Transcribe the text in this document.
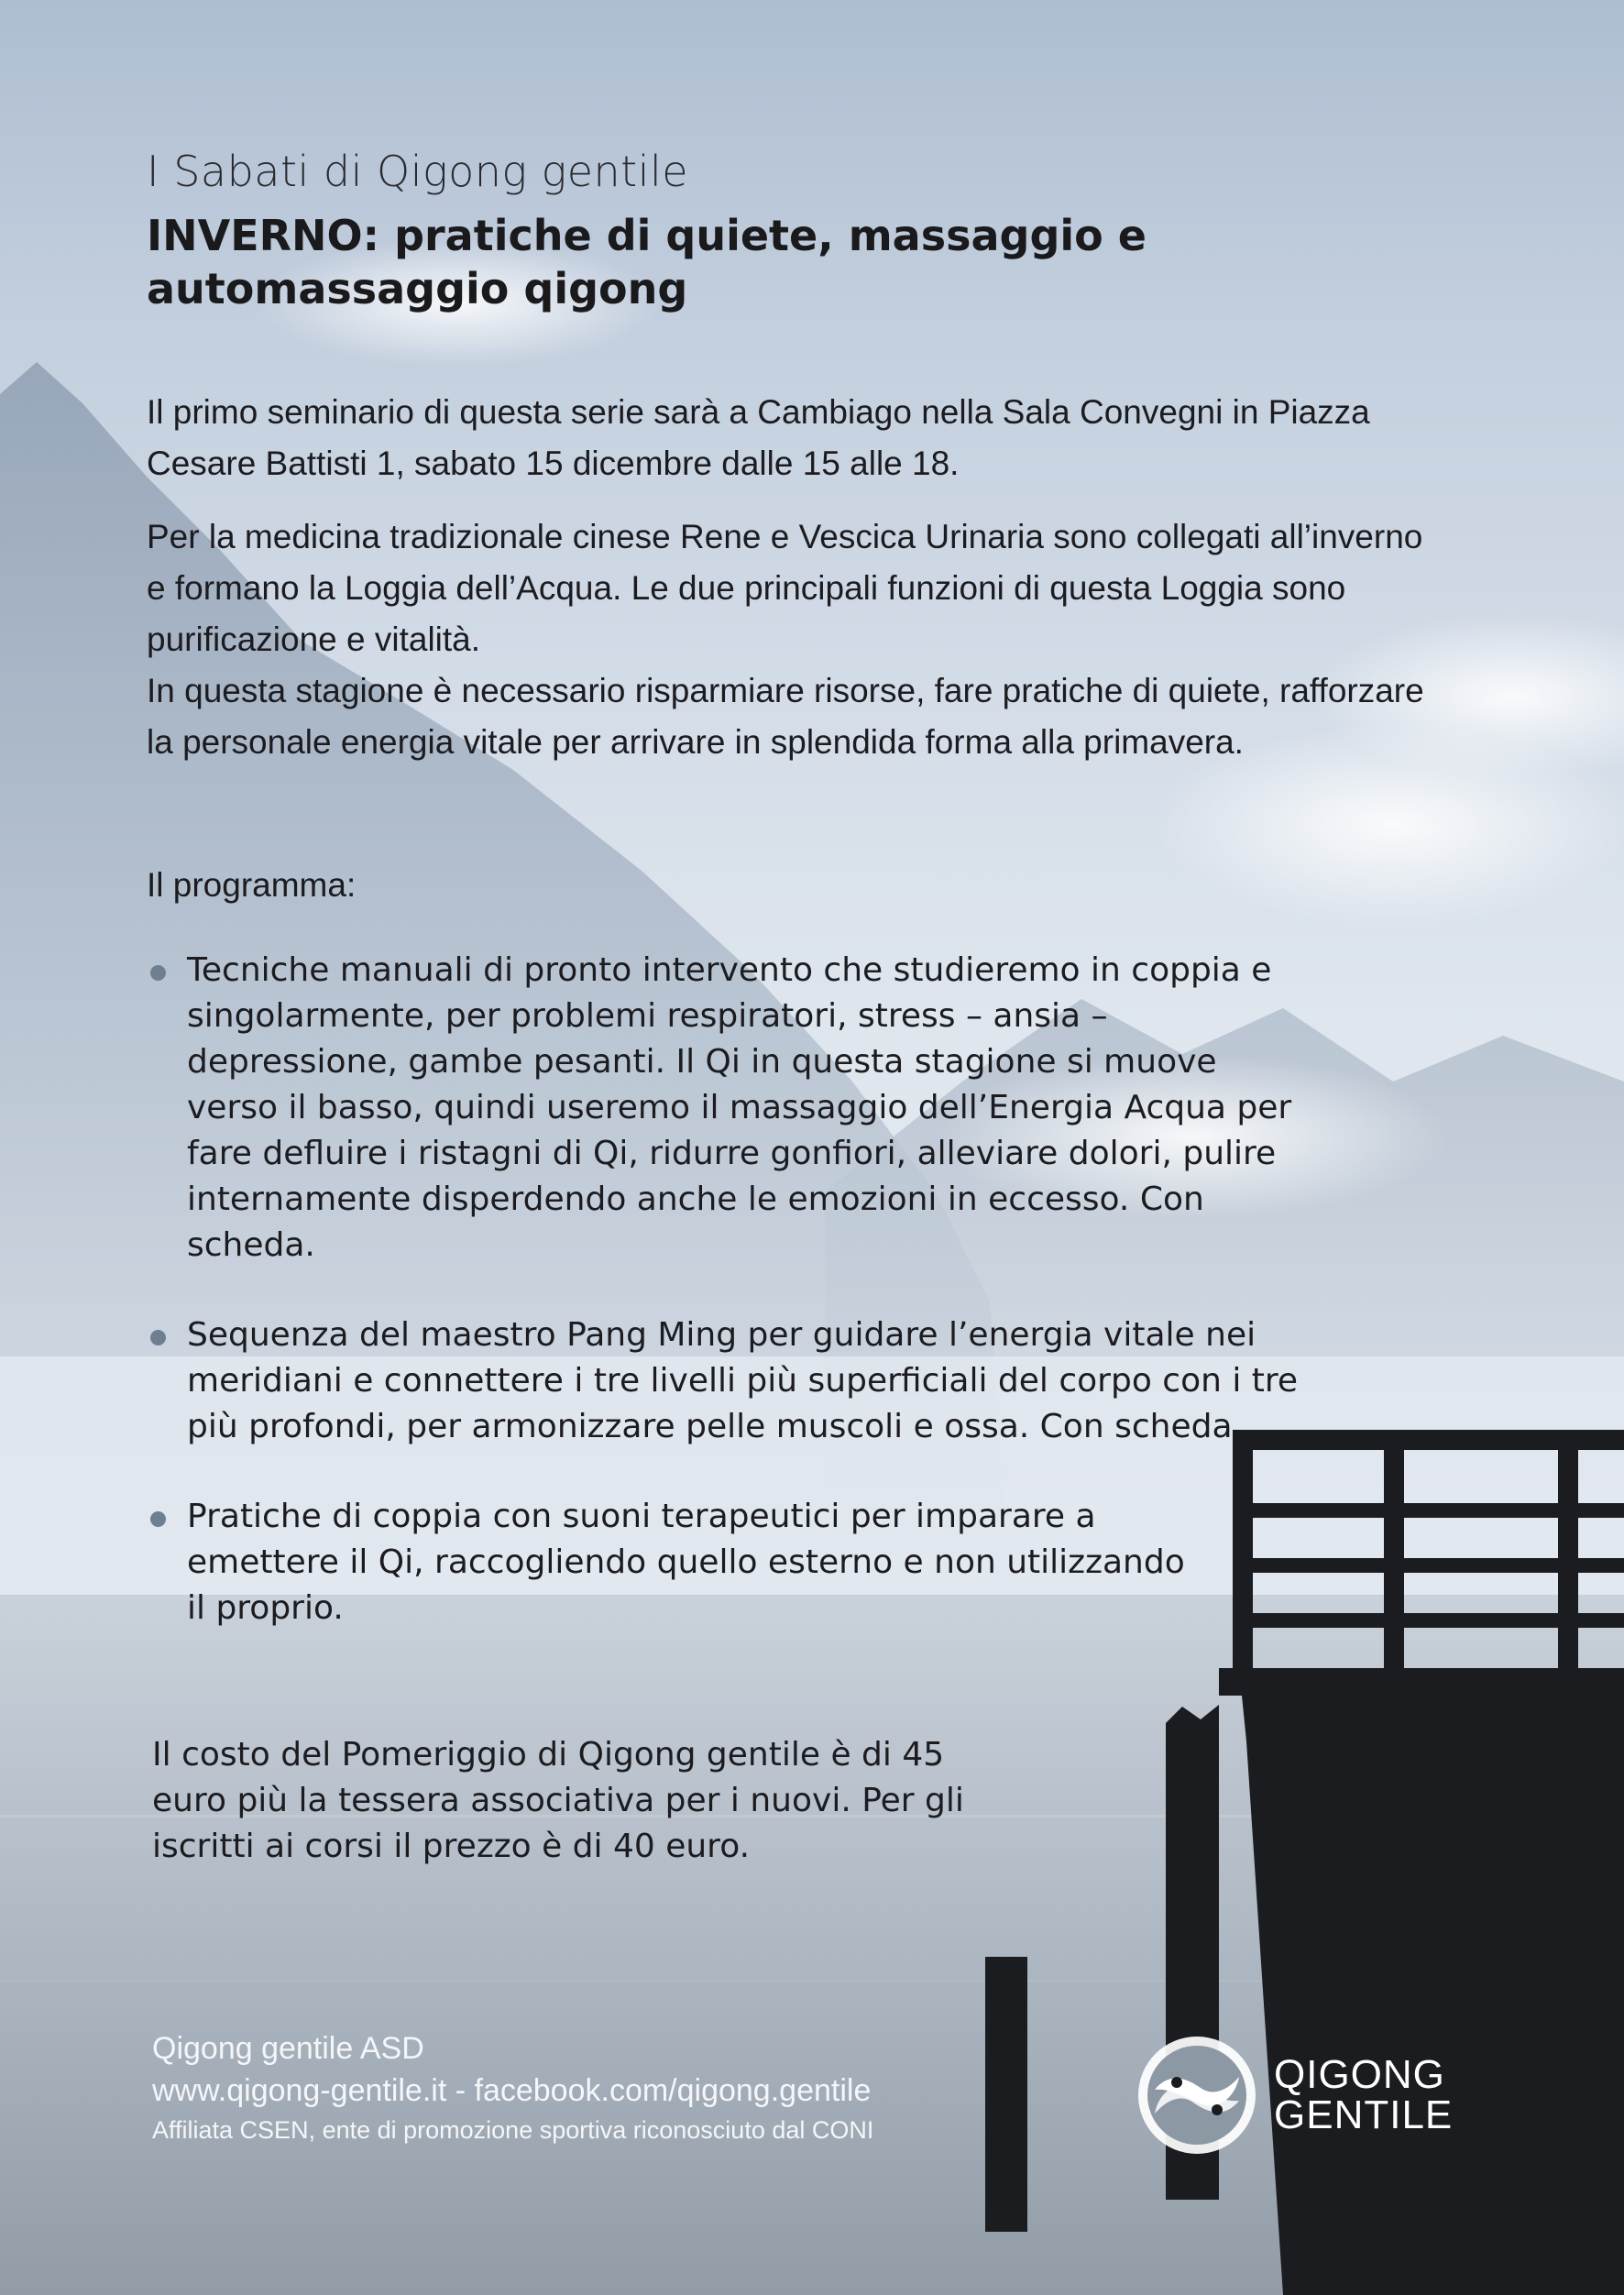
I Sabati di Qigong gentile

INVERNO: pratiche di quiete, massaggio e automassaggio qigong

Il primo seminario di questa serie sarà a Cambiago nella Sala Convegni in Piazza Cesare Battisti 1, sabato 15 dicembre dalle 15 alle 18.

Per la medicina tradizionale cinese Rene e Vescica Urinaria sono collegati all’inverno e formano la Loggia dell’Acqua. Le due principali funzioni di questa Loggia sono purificazione e vitalità.

In questa stagione è necessario risparmiare risorse, fare pratiche di quiete, rafforzare la personale energia vitale per arrivare in splendida forma alla primavera.

Il programma:

Tecniche manuali di pronto intervento che studieremo in coppia e singolarmente, per problemi respiratori, stress – ansia – depressione, gambe pesanti. Il Qi in questa stagione si muove verso il basso, quindi useremo il massaggio dell’Energia Acqua per fare defluire i ristagni di Qi, ridurre gonfiori, alleviare dolori, pulire internamente disperdendo anche le emozioni in eccesso. Con scheda.
Sequenza del maestro Pang Ming per guidare l’energia vitale nei meridiani e connettere i tre livelli più superficiali del corpo con i tre più profondi, per armonizzare pelle muscoli e ossa. Con scheda.
Pratiche di coppia con suoni terapeutici per imparare a emettere il Qi, raccogliendo quello esterno e non utilizzando il proprio.

Il costo del Pomeriggio di Qigong gentile è di 45 euro più la tessera associativa per i nuovi. Per gli iscritti ai corsi il prezzo è di 40 euro.

Qigong gentile ASD

www.qigong-gentile.it - facebook.com/qigong.gentile

Affiliata CSEN, ente di promozione sportiva riconosciuto dal CONI

QIGONG
GENTILE
